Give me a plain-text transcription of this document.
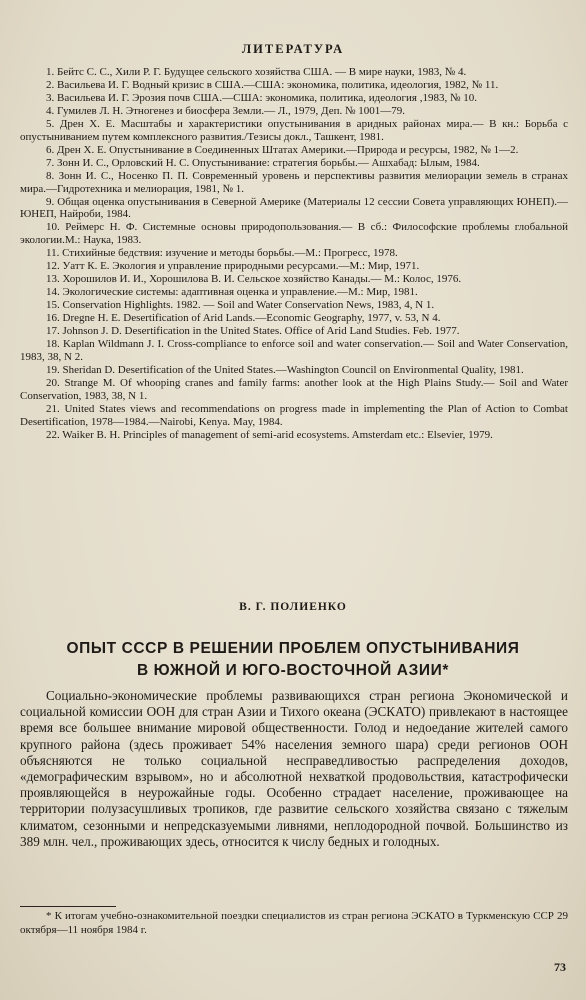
ЛИТЕРАТУРА

1. Бейтс С. С., Хили Р. Г. Будущее сельского хозяйства США. — В мире науки, 1983, № 4.

2. Васильева И. Г. Водный кризис в США.—США: экономика, политика, идеология, 1982, № 11.

3. Васильева И. Г. Эрозия почв США.—США: экономика, политика, идеология ,1983, № 10.

4. Гумилев Л. Н. Этногенез и биосфера Земли.— Л., 1979, Деп. № 1001—79.

5. Дрен Х. Е. Масштабы и характеристики опустынивания в аридных районах мира.— В кн.: Борьба с опустыниванием путем комплексного развития./Тезисы докл., Ташкент, 1981.

6. Дрен Х. Е. Опустынивание в Соединенных Штатах Америки.—Природа и ресурсы, 1982, № 1—2.

7. Зонн И. С., Орловский Н. С. Опустынивание: стратегия борьбы.— Ашхабад: Ылым, 1984.

8. Зонн И. С., Носенко П. П. Современный уровень и перспективы развития мелиорации земель в странах мира.—Гидротехника и мелиорация, 1981, № 1.

9. Общая оценка опустынивания в Северной Америке (Материалы 12 сессии Совета управляющих ЮНЕП).—ЮНЕП, Найроби, 1984.

10. Реймерс Н. Ф. Системные основы природопользования.— В сб.: Философские проблемы глобальной экологии.М.: Наука, 1983.

11. Стихийные бедствия: изучение и методы борьбы.—М.: Прогресс, 1978.

12. Уатт К. Е. Экология и управление природными ресурсами.—М.: Мир, 1971.

13. Хорошилов И. И., Хорошилова В. И. Сельское хозяйство Канады.— М.: Колос, 1976.

14. Экологические системы: адаптивная оценка и управление.—М.: Мир, 1981.

15. Conservation Highlights. 1982. — Soil and Water Conservation News, 1983, 4, N 1.

16. Dregne H. E. Desertification of Arid Lands.—Economic Geography, 1977, v. 53, N 4.

17. Johnson J. D. Desertification in the United States. Office of Arid Land Studies. Feb. 1977.

18. Kaplan Wildmann J. I. Cross-compliance to enforce soil and water conservation.— Soil and Water Conservation, 1983, 38, N 2.

19. Sheridan D. Desertification of the United States.—Washington Council on Environmental Quality, 1981.

20. Strange M. Of whooping cranes and family farms: another look at the High Plains Study.— Soil and Water Conservation, 1983, 38, N 1.

21. United States views and recommendations on progress made in implementing the Plan of Action to Combat Desertification, 1978—1984.—Nairobi, Kenya. May, 1984.

22. Waiker B. H. Principles of management of semi-arid ecosystems. Amsterdam etc.: Elsevier, 1979.

В. Г. ПОЛИЕНКО
ОПЫТ СССР В РЕШЕНИИ ПРОБЛЕМ ОПУСТЫНИВАНИЯ
В ЮЖНОЙ И ЮГО-ВОСТОЧНОЙ АЗИИ*

Социально-экономические проблемы развивающихся стран региона Экономической и социальной комиссии ООН для стран Азии и Тихого океана (ЭСКАТО) привлекают в настоящее время все большее внимание мировой общественности. Голод и недоедание жителей самого крупного района (здесь проживает 54% населения земного шара) среди регионов ООН объясняются не только социальной несправедливостью распределения доходов, «демографическим взрывом», но и абсолютной нехваткой продовольствия, катастрофически проявляющейся в неурожайные годы. Особенно страдает население, проживающее на территории полузасушливых тропиков, где развитие сельского хозяйства связано с тяжелым климатом, сезонными и непредсказуемыми ливнями, неплодородной почвой. Большинство из 389 млн. чел., проживающих здесь, относится к числу бедных и голодных.

* К итогам учебно-ознакомительной поездки специалистов из стран региона ЭСКАТО в Туркменскую ССР 29 октября—11 ноября 1984 г.

73
